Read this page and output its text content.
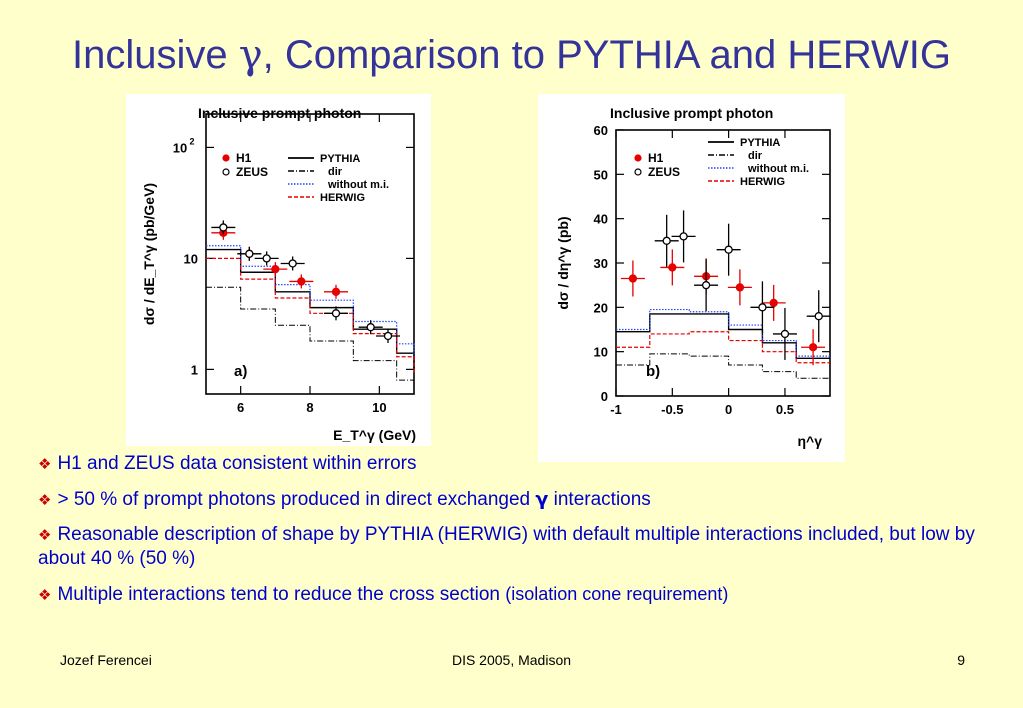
Inclusive γ, Comparison to PYTHIA and HERWIG
Inclusive prompt photon
6	8	10
1
10
10 2
H1
ZEUS
PYTHIA
dir
without m.i.
HERWIG
a)
dσ / dE_T^γ (pb/GeV)
E_T^γ (GeV)
Inclusive prompt photon
-1	-0.5	0	0.5
0
10
20
30
40
50
60
H1
ZEUS
PYTHIA
dir
without m.i.
HERWIG
b)
dσ / dη^γ (pb)
η^γ
❖ H1 and ZEUS data consistent within errors
❖ > 50 % of prompt photons produced in direct exchanged γ interactions
❖ Reasonable description of shape by PYTHIA (HERWIG) with default multiple interactions included, but low by about 40 % (50 %)
❖ Multiple interactions tend to reduce the cross section (isolation cone requirement)
Jozef Ferencei	DIS 2005, Madison	9
